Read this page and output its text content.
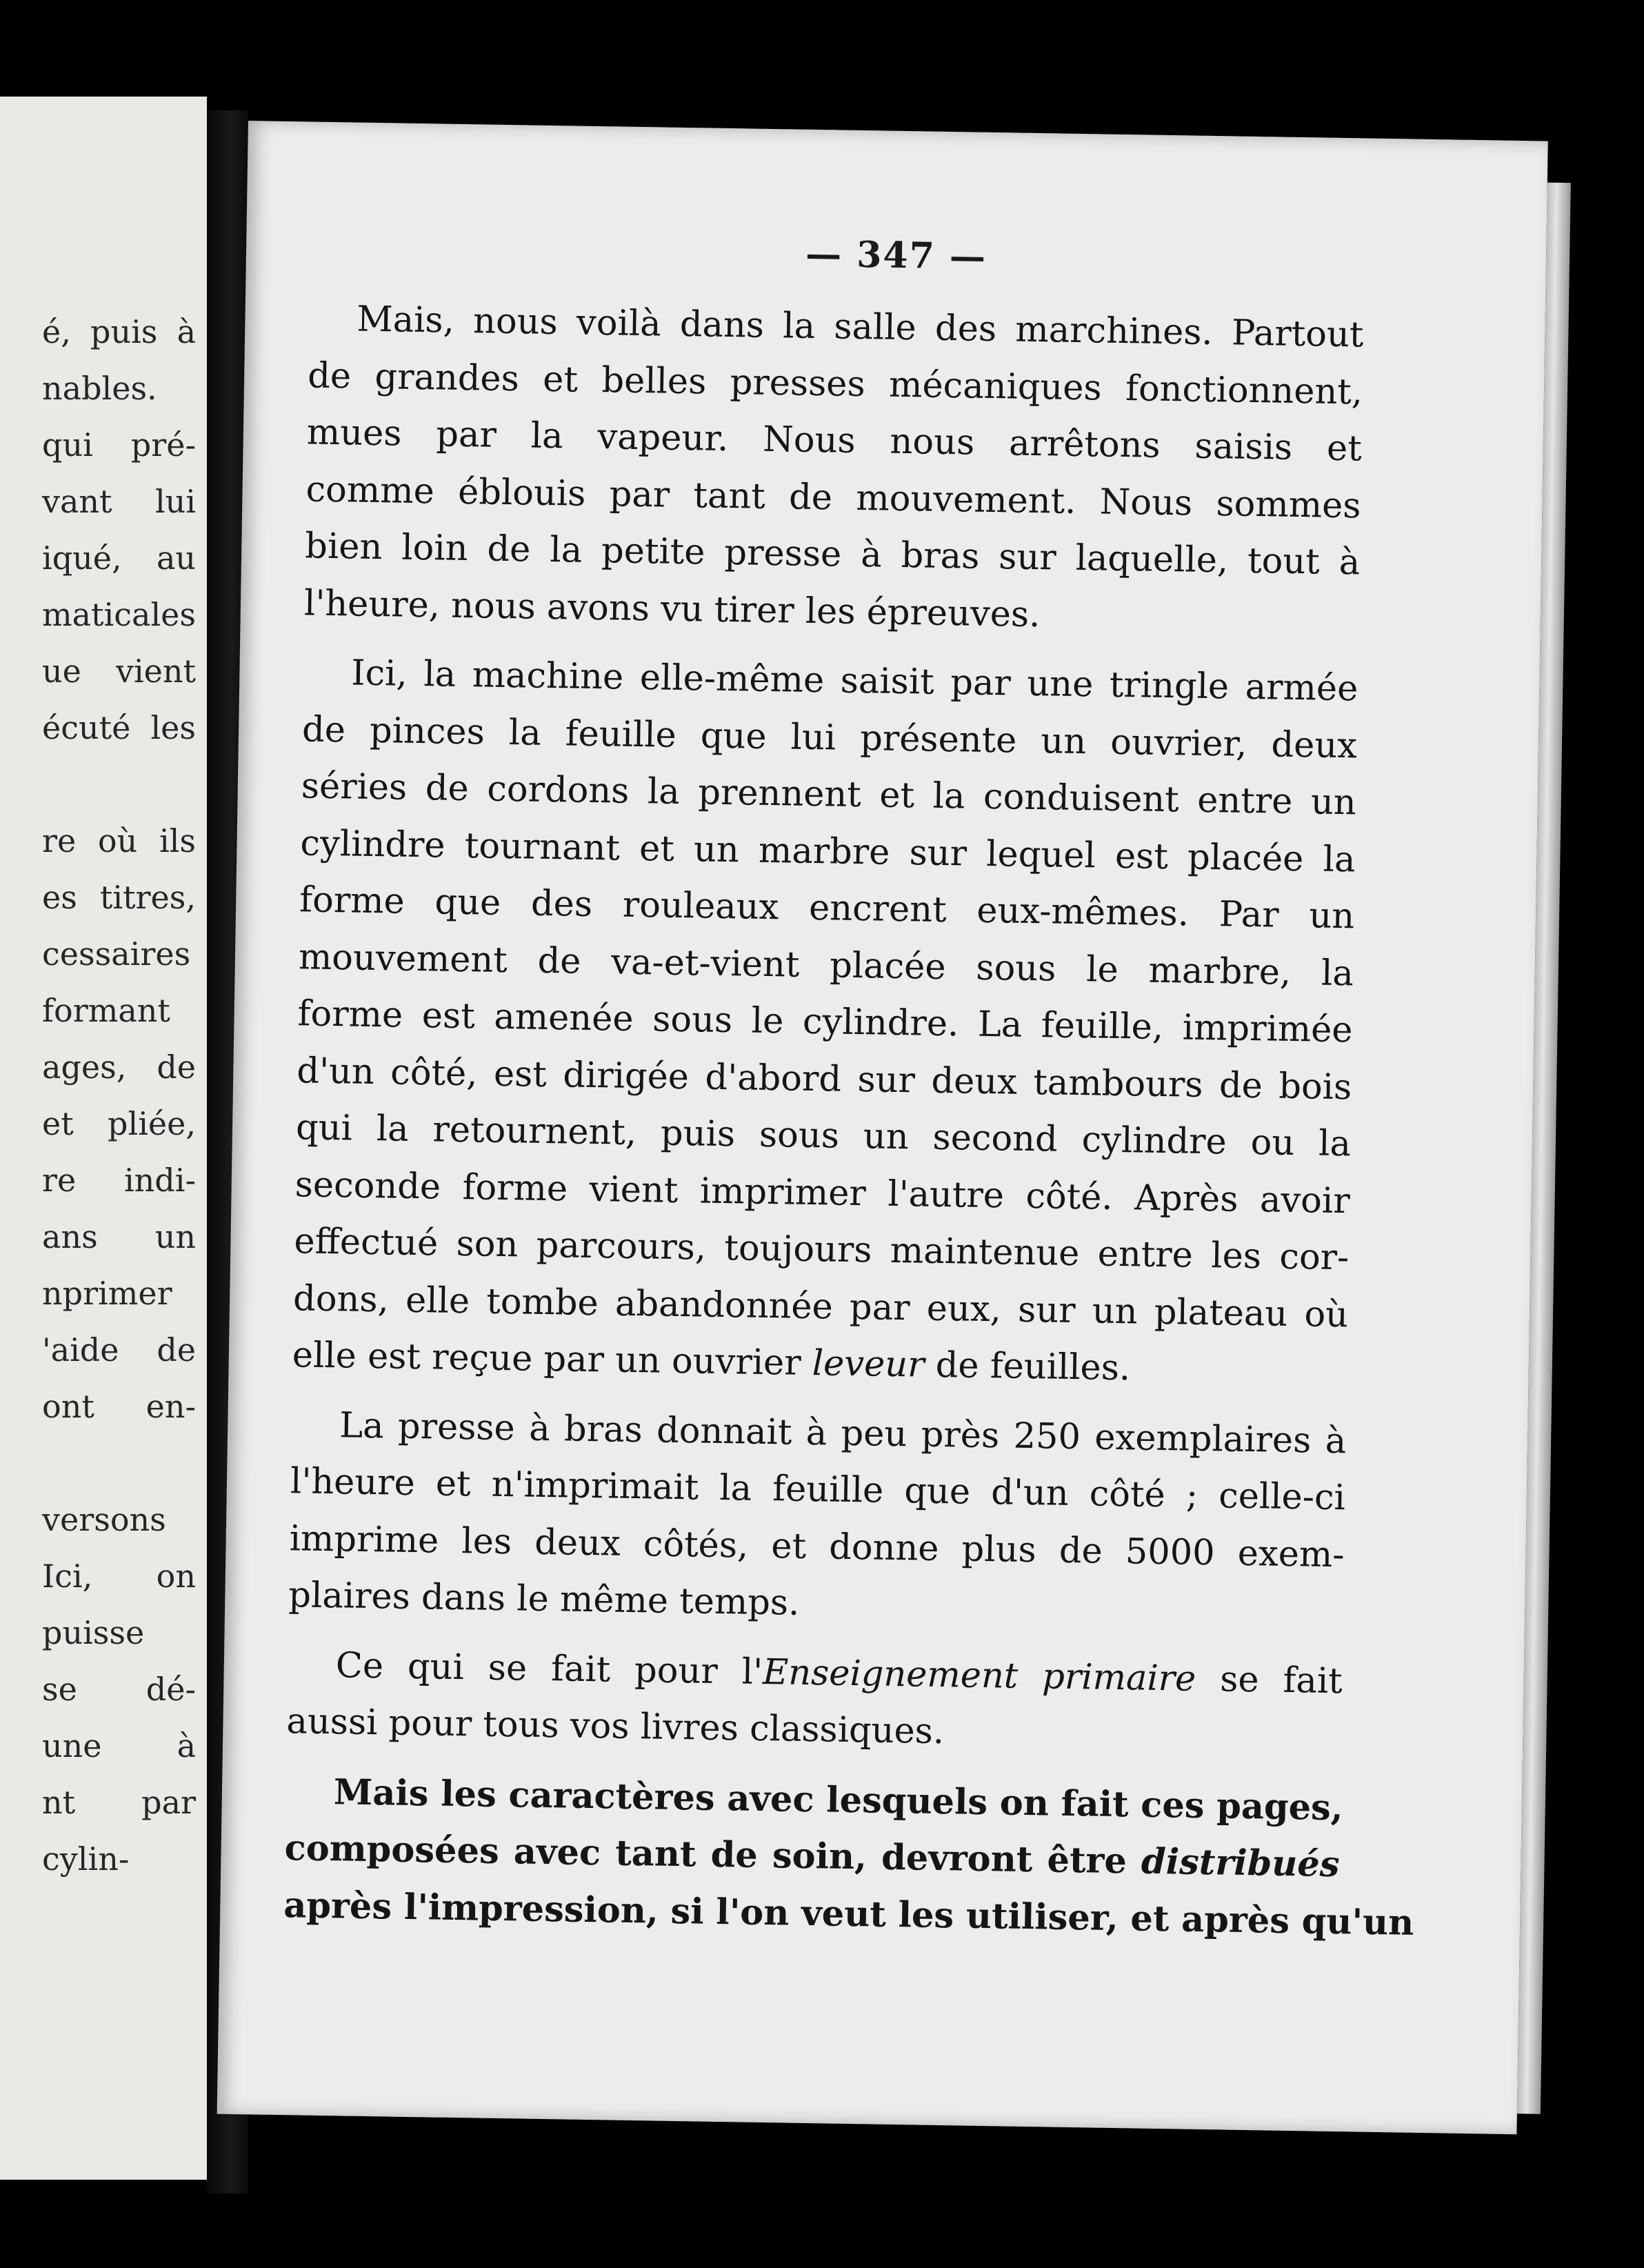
é, puis à
nables.
qui pré-
vant lui
iqué, au
maticales
ue vient
écuté les
re où ils
es titres,
cessaires
formant
ages, de
et pliée,
re indi-
ans un
nprimer
'aide de
ont en-
versons
Ici, on
puisse
se dé-
une à
nt par
cylin-
— 347 —
Mais, nous voilà dans la salle des marchines. Partout
de grandes et belles presses mécaniques fonctionnent,
mues par la vapeur. Nous nous arrêtons saisis et
comme éblouis par tant de mouvement. Nous sommes
bien loin de la petite presse à bras sur laquelle, tout à
l'heure, nous avons vu tirer les épreuves.
Ici, la machine elle-même saisit par une tringle armée
de pinces la feuille que lui présente un ouvrier, deux
séries de cordons la prennent et la conduisent entre un
cylindre tournant et un marbre sur lequel est placée la
forme que des rouleaux encrent eux-mêmes. Par un
mouvement de va-et-vient placée sous le marbre, la
forme est amenée sous le cylindre. La feuille, imprimée
d'un côté, est dirigée d'abord sur deux tambours de bois
qui la retournent, puis sous un second cylindre ou la
seconde forme vient imprimer l'autre côté. Après avoir
effectué son parcours, toujours maintenue entre les cor-
dons, elle tombe abandonnée par eux, sur un plateau où
elle est reçue par un ouvrier leveur de feuilles.
La presse à bras donnait à peu près 250 exemplaires à
l'heure et n'imprimait la feuille que d'un côté ; celle-ci
imprime les deux côtés, et donne plus de 5000 exem-
plaires dans le même temps.
Ce qui se fait pour l'Enseignement primaire se fait
aussi pour tous vos livres classiques.
Mais les caractères avec lesquels on fait ces pages,
composées avec tant de soin, devront être distribués
après l'impression, si l'on veut les utiliser, et après qu'un
